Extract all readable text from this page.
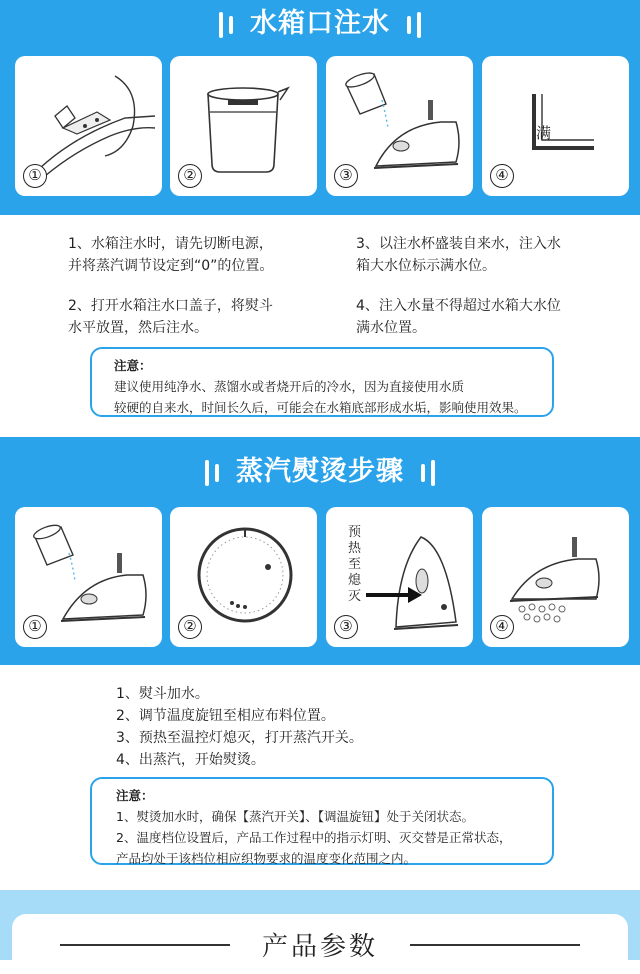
水箱口注水
①	②	③
满
④
1、水箱注水时，请先切断电源，
并将蒸汽调节设定到“0”的位置。
2、打开水箱注水口盖子，将熨斗
水平放置，然后注水。
3、以注水杯盛装自来水，注入水
箱大水位标示满水位。
4、注入水量不得超过水箱大水位
满水位置。
注意：
建议使用纯净水、蒸馏水或者烧开后的冷水，因为直接使用水质
较硬的自来水，时间长久后，可能会在水箱底部形成水垢，影响使用效果。
蒸汽熨烫步骤
①	②
预
热
至
熄
灭
③	④
1、熨斗加水。
2、调节温度旋钮至相应布料位置。
3、预热至温控灯熄灭，打开蒸汽开关。
4、出蒸汽，开始熨烫。
注意：
1、熨烫加水时，确保【蒸汽开关】、【调温旋钮】处于关闭状态。
2、温度档位设置后，产品工作过程中的指示灯明、灭交替是正常状态，
产品均处于该档位相应织物要求的温度变化范围之内。
产品参数
